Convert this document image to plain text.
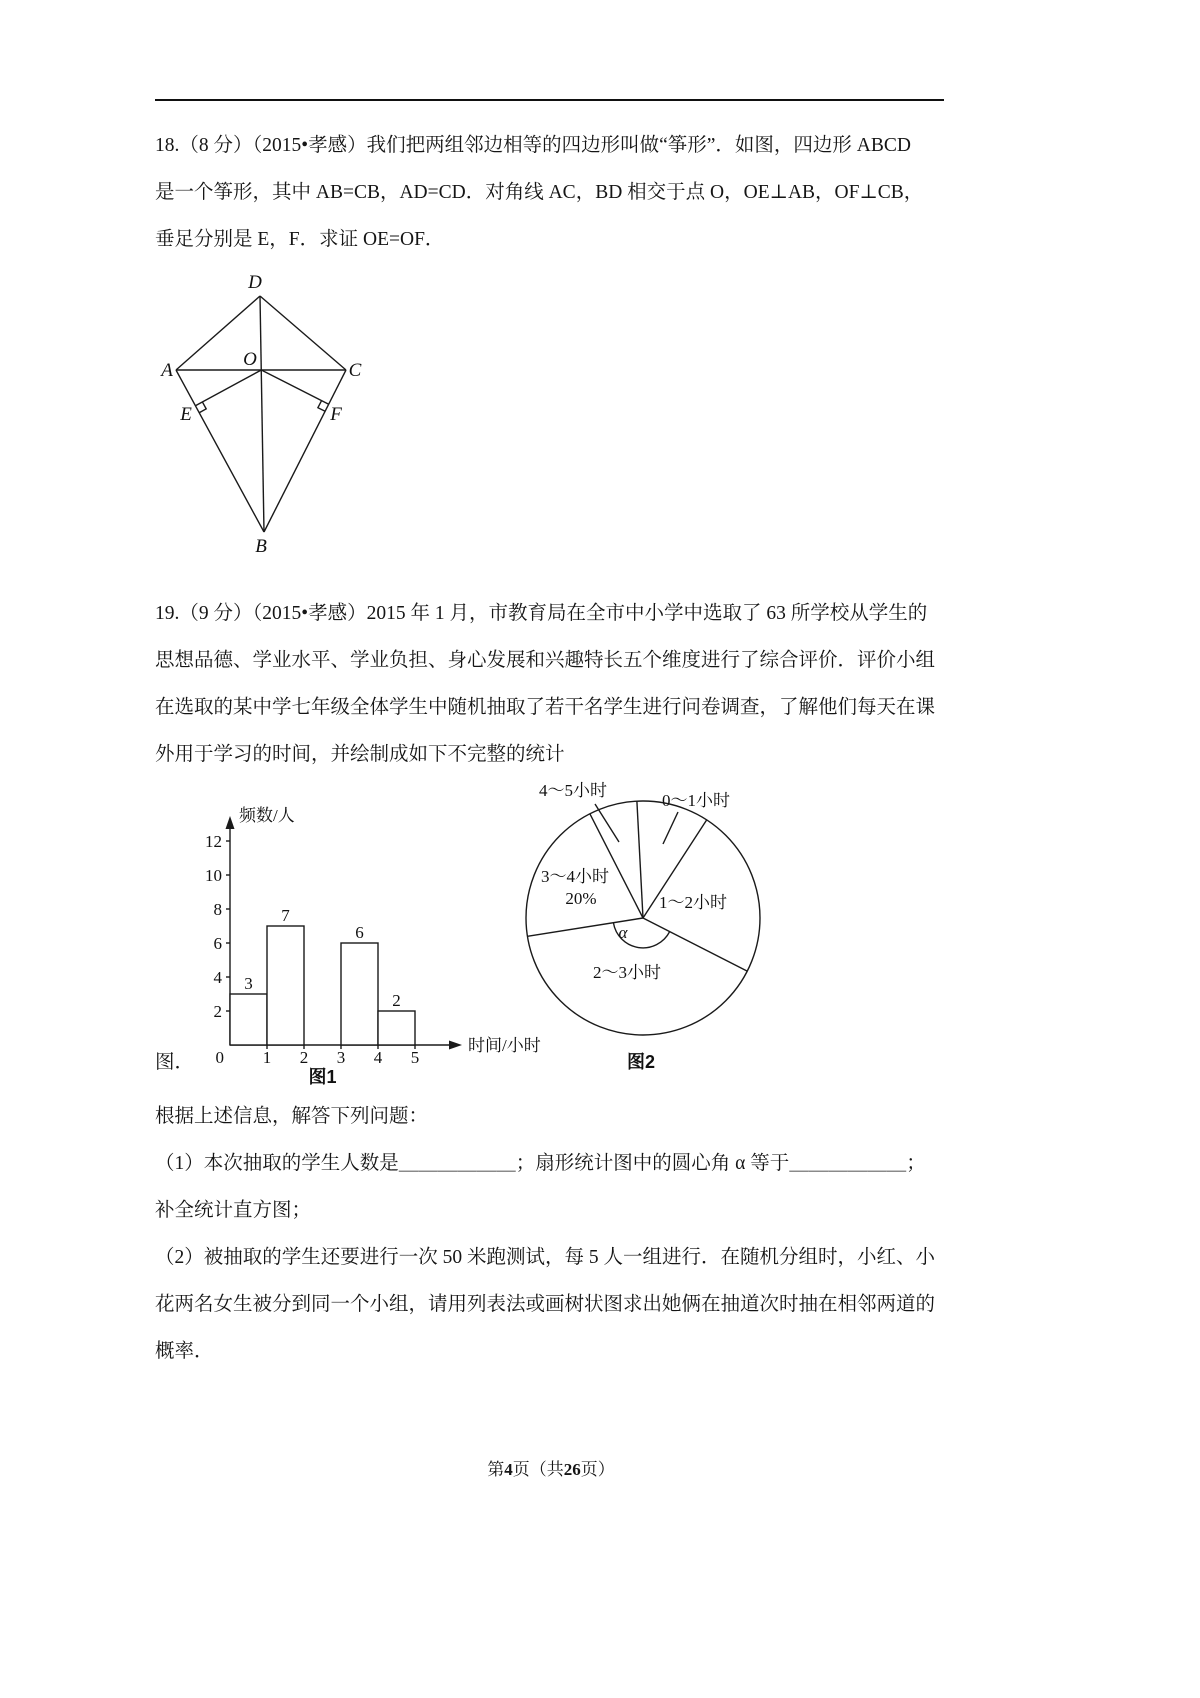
18.（8 分）（2015•孝感）我们把两组邻边相等的四边形叫做“筝形”．如图，四边形 ABCD
是一个筝形，其中 AB=CB，AD=CD．对角线 AC，BD 相交于点 O，OE⊥AB，OF⊥CB，
垂足分别是 E，F．求证 OE=OF．
D
A	C
O
E	F
B
19.（9 分）（2015•孝感）2015 年 1 月，市教育局在全市中小学中选取了 63 所学校从学生的
思想品德、学业水平、学业负担、身心发展和兴趣特长五个维度进行了综合评价．评价小组
在选取的某中学七年级全体学生中随机抽取了若干名学生进行问卷调查，了解他们每天在课
外用于学习的时间，并绘制成如下不完整的统计
频数/人
时间/小时
0
2
4
6
8
10
12
1 2 3 4 5
3
7
6
2
图1
0～1小时
1～2小时
2～3小时
3～4小时
20%
4～5小时
α
图2
图．
根据上述信息，解答下列问题：
（1）本次抽取的学生人数是＿＿＿＿＿＿；扇形统计图中的圆心角 α 等于＿＿＿＿＿＿；
补全统计直方图；
（2）被抽取的学生还要进行一次 50 米跑测试，每 5 人一组进行．在随机分组时，小红、小
花两名女生被分到同一个小组，请用列表法或画树状图求出她俩在抽道次时抽在相邻两道的
概率．
第4页（共26页）
